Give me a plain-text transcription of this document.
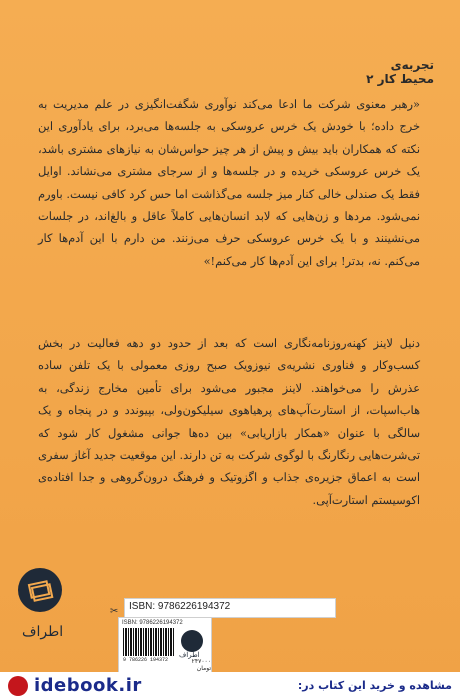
تجربه‌ی
محیط کار ۲

«رهبر معنوی شرکت ما ادعا می‌کند نوآوری شگفت‌انگیزی در علم مدیریت به خرج داده؛ با خودش یک خرس عروسکی به جلسه‌ها می‌برد، برای یادآوری این نکته که همکاران باید بیش و پیش از هر چیز حواس‌شان به نیازهای مشتری باشد، یک خرس عروسکی خریده و در جلسه‌ها و از سرجای مشتری می‌نشاند. اوایل فقط یک صندلی خالی کنار میز جلسه می‌گذاشت اما حس کرد کافی نیست. باورم نمی‌شود. مردها و زن‌هایی که لابد انسان‌هایی کاملاً عاقل و بالغ‌اند، در جلسات می‌نشینند و با یک خرس عروسکی حرف می‌زنند. من دارم با این آدم‌ها کار می‌کنم. نه، بدتر! برای این آدم‌ها کار می‌کنم!»

دنیل لاینز کهنه‌روزنامه‌نگاری است که بعد از حدود دو دهه فعالیت در بخش کسب‌وکار و فناوری نشریه‌ی نیوزویک صبح روزی معمولی با یک تلفن ساده عذرش را می‌خواهند. لاینز مجبور می‌شود برای تأمین مخارج زندگی، به هاب‌اسپات، از استارت‌آپ‌های پرهیاهوی سیلیکون‌ولی، بپیوندد و در پنجاه و یک سالگی با عنوان «همکار بازاریابی» بین ده‌ها جوانی مشغول کار شود که تی‌شرت‌هایی رنگارنگ با لوگوی شرکت به تن دارند. این موقعیت جدید آغاز سفری است به اعماق جزیره‌ی جذاب و اگزوتیک و فرهنگ درون‌گروهی و جدا افتاده‌ی اکوسیستم استارت‌آپی.

ISBN: 9786226194372
✂
ISBN: 9786226194372
9 786226 194372	۲۴۷۰۰۰ تومان
اطراف
اطراف
idebook.ir	مشاهده و خرید این کتاب در:
